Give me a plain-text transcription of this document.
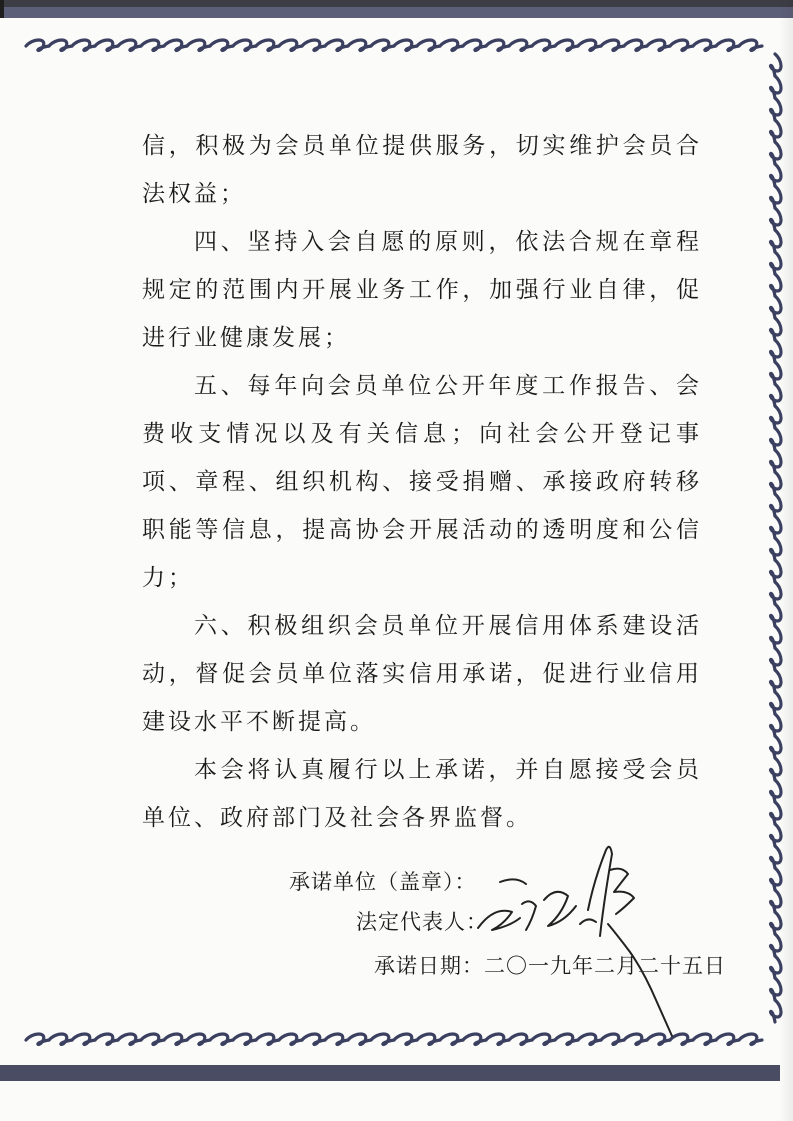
信，积极为会员单位提供服务，切实维护会员合法权益；

四、坚持入会自愿的原则，依法合规在章程规定的范围内开展业务工作，加强行业自律，促进行业健康发展；

五、每年向会员单位公开年度工作报告、会费收支情况以及有关信息；向社会公开登记事项、章程、组织机构、接受捐赠、承接政府转移职能等信息，提高协会开展活动的透明度和公信力；

六、积极组织会员单位开展信用体系建设活动，督促会员单位落实信用承诺，促进行业信用建设水平不断提高。

本会将认真履行以上承诺，并自愿接受会员单位、政府部门及社会各界监督。

承诺单位（盖章）：
法定代表人：
承诺日期：二〇一九年二月二十五日
